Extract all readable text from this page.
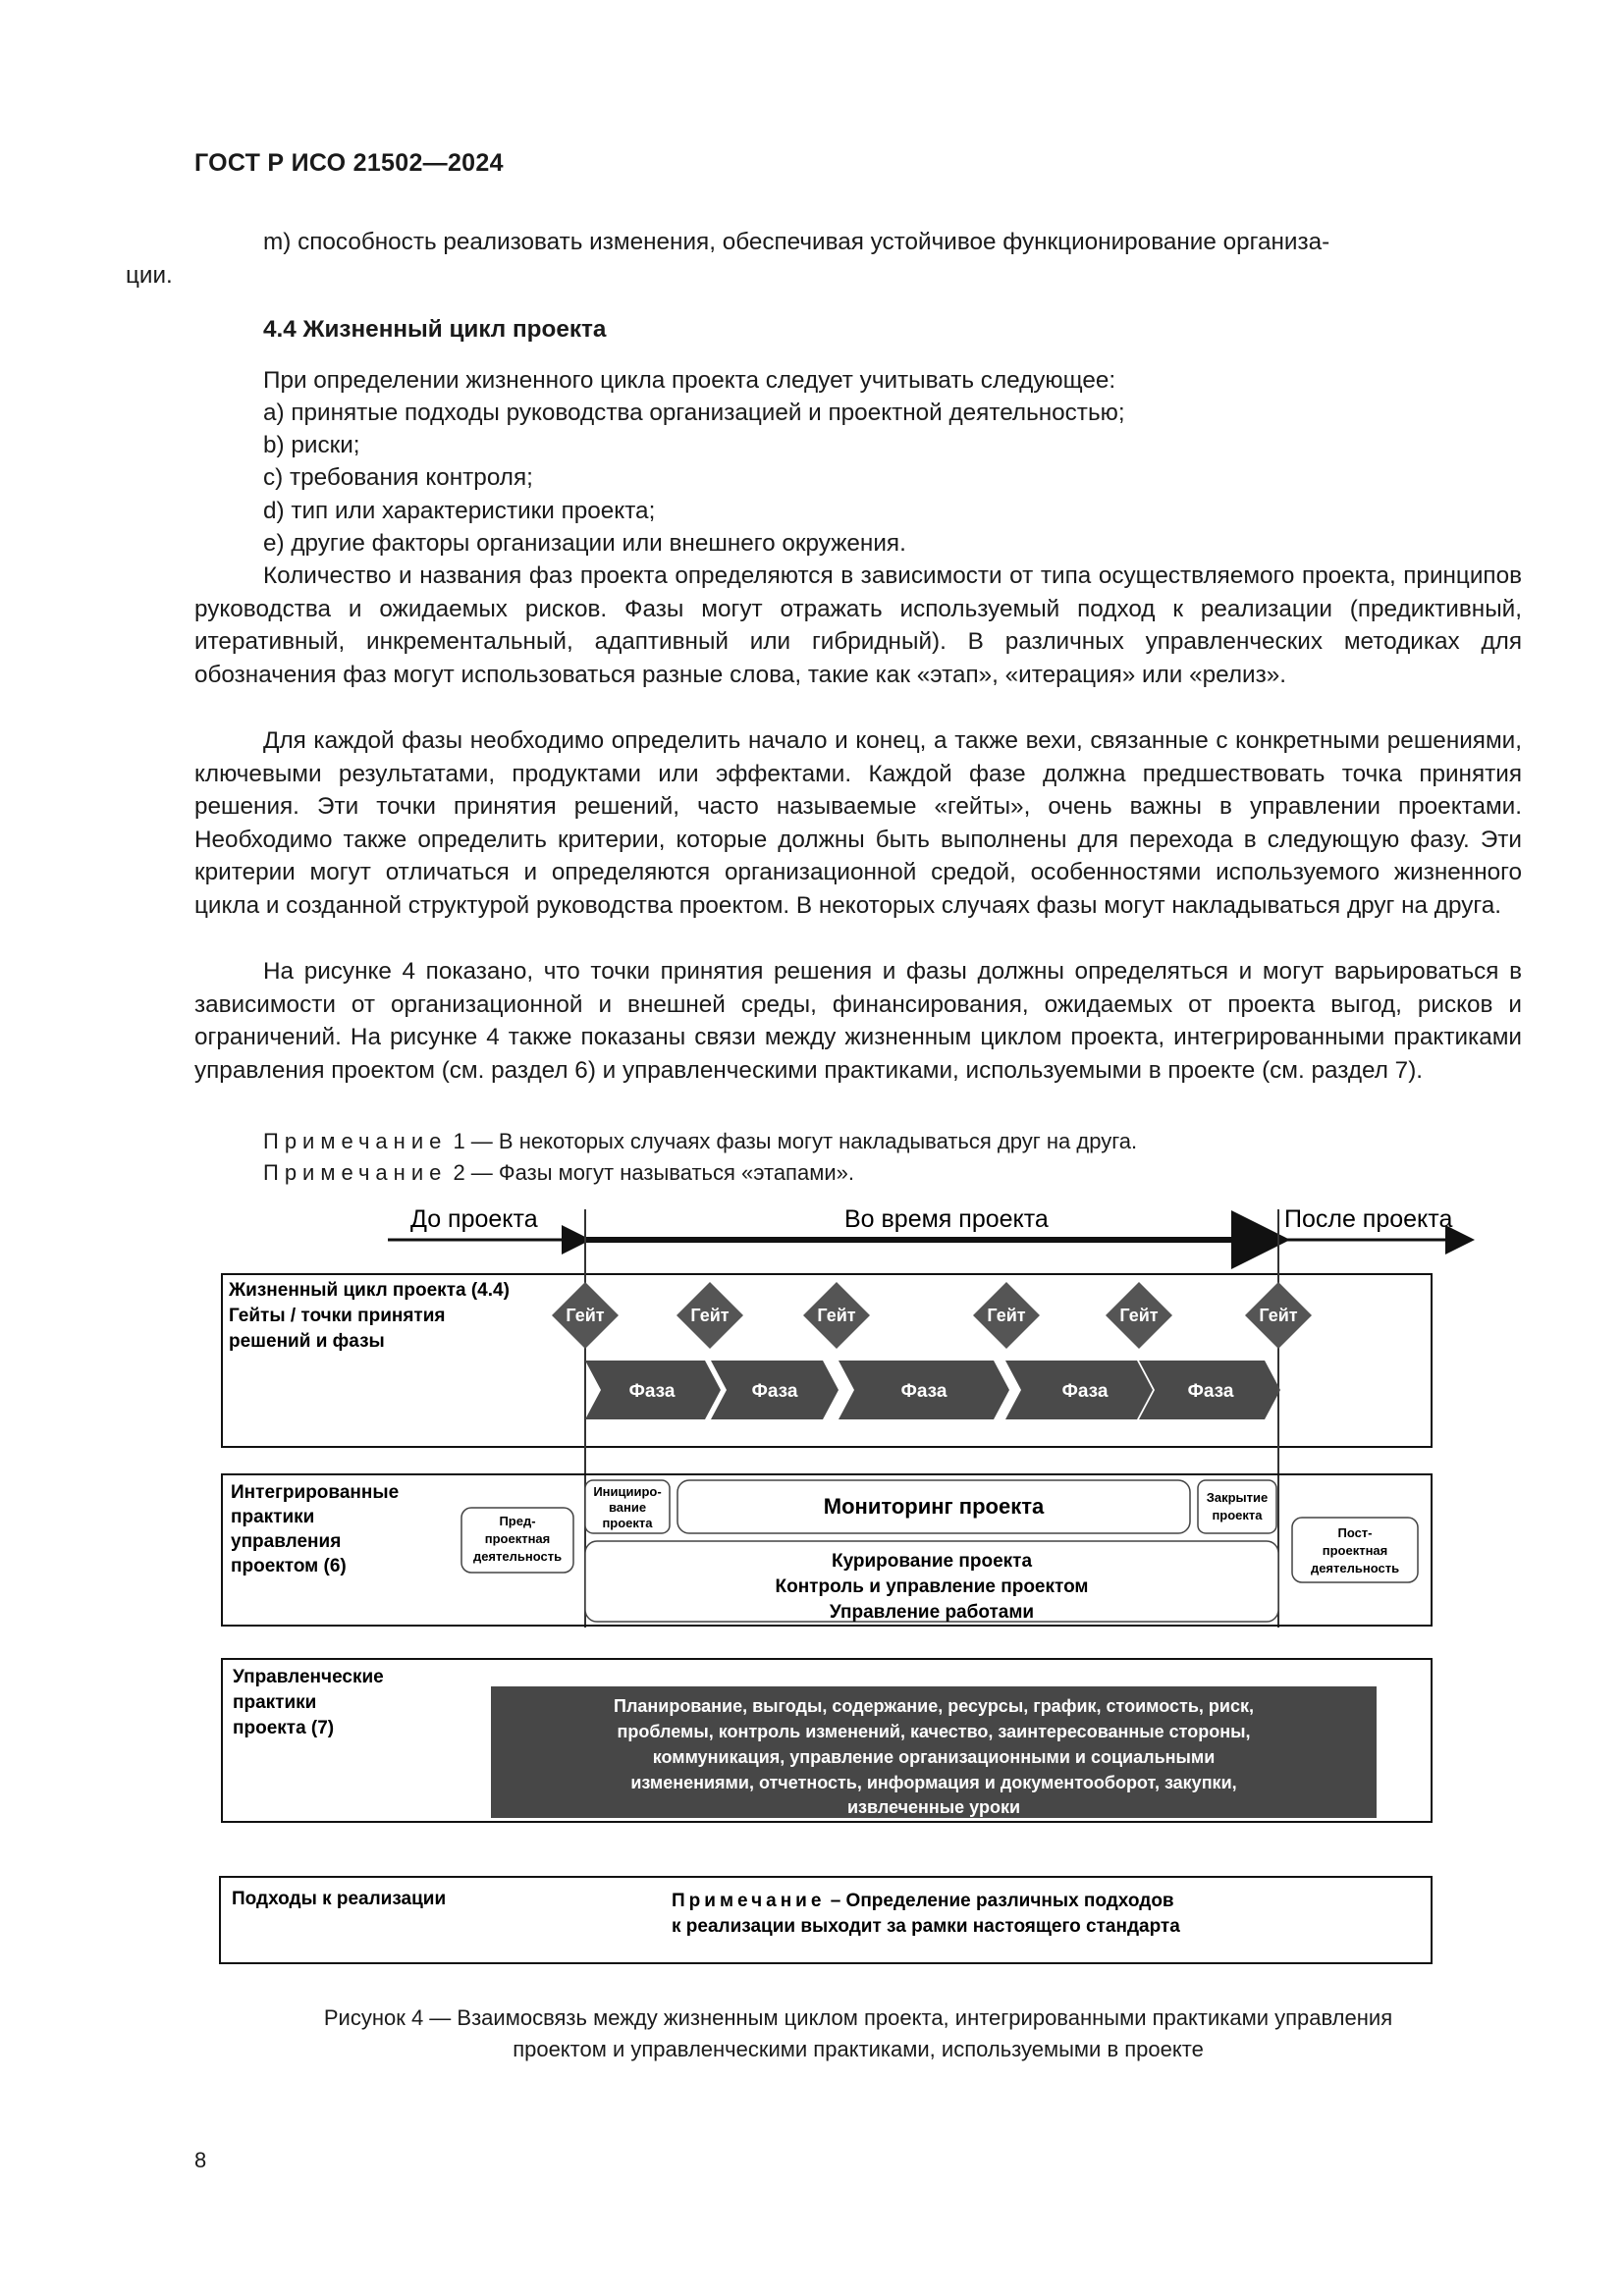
ГОСТ Р ИСО 21502—2024
m) способность реализовать изменения, обеспечивая устойчивое функционирование организа-
ции.
4.4 Жизненный цикл проекта
При определении жизненного цикла проекта следует учитывать следующее:
a) принятые подходы руководства организацией и проектной деятельностью;
b) риски;
c) требования контроля;
d) тип или характеристики проекта;
e) другие факторы организации или внешнего окружения.
Количество и названия фаз проекта определяются в зависимости от типа осуществляемого проекта, принципов руководства и ожидаемых рисков. Фазы могут отражать используемый подход к реализации (предиктивный, итеративный, инкрементальный, адаптивный или гибридный). В различных управленческих методиках для обозначения фаз могут использоваться разные слова, такие как «этап», «итерация» или «релиз».
Для каждой фазы необходимо определить начало и конец, а также вехи, связанные с конкретными решениями, ключевыми результатами, продуктами или эффектами. Каждой фазе должна предшествовать точка принятия решения. Эти точки принятия решений, часто называемые «гейты», очень важны в управлении проектами. Необходимо также определить критерии, которые должны быть выполнены для перехода в следующую фазу. Эти критерии могут отличаться и определяются организационной средой, особенностями используемого жизненного цикла и созданной структурой руководства проектом. В некоторых случаях фазы могут накладываться друг на друга.
На рисунке 4 показано, что точки принятия решения и фазы должны определяться и могут варьироваться в зависимости от организационной и внешней среды, финансирования, ожидаемых от проекта выгод, рисков и ограничений. На рисунке 4 также показаны связи между жизненным циклом проекта, интегрированными практиками управления проектом (см. раздел 6) и управленческими практиками, используемыми в проекте (см. раздел 7).
Примечание 1 — В некоторых случаях фазы могут накладываться друг на друга.
Примечание 2 — Фазы могут называться «этапами».
До проекта	Во время проекта	После проекта
Жизненный цикл проекта (4.4)
Гейты / точки принятия
решений и фазы
Фаза	Фаза	Фаза	Фаза	Фаза
Гейт	Гейт	Гейт	Гейт	Гейт	Гейт
Интегрированные
практики
управления
проектом (6)
Пред-
проектная
деятельность
Иницииро-
вание
проекта
Мониторинг проекта	Закрытие
проекта
Курирование проекта
Контроль и управление проектом
Управление работами
Пост-
проектная
деятельность
Управленческие
практики
проекта (7)
Планирование, выгоды, содержание, ресурсы, график, стоимость, риск,
проблемы, контроль изменений, качество, заинтересованные стороны,
коммуникация, управление организационными и социальными
изменениями, отчетность, информация и документооборот, закупки,
извлеченные уроки
Подходы к реализации	Примечание – Определение различных подходов
к реализации выходит за рамки настоящего стандарта
Рисунок 4 — Взаимосвязь между жизненным циклом проекта, интегрированными практиками управления
проектом и управленческими практиками, используемыми в проекте
8
